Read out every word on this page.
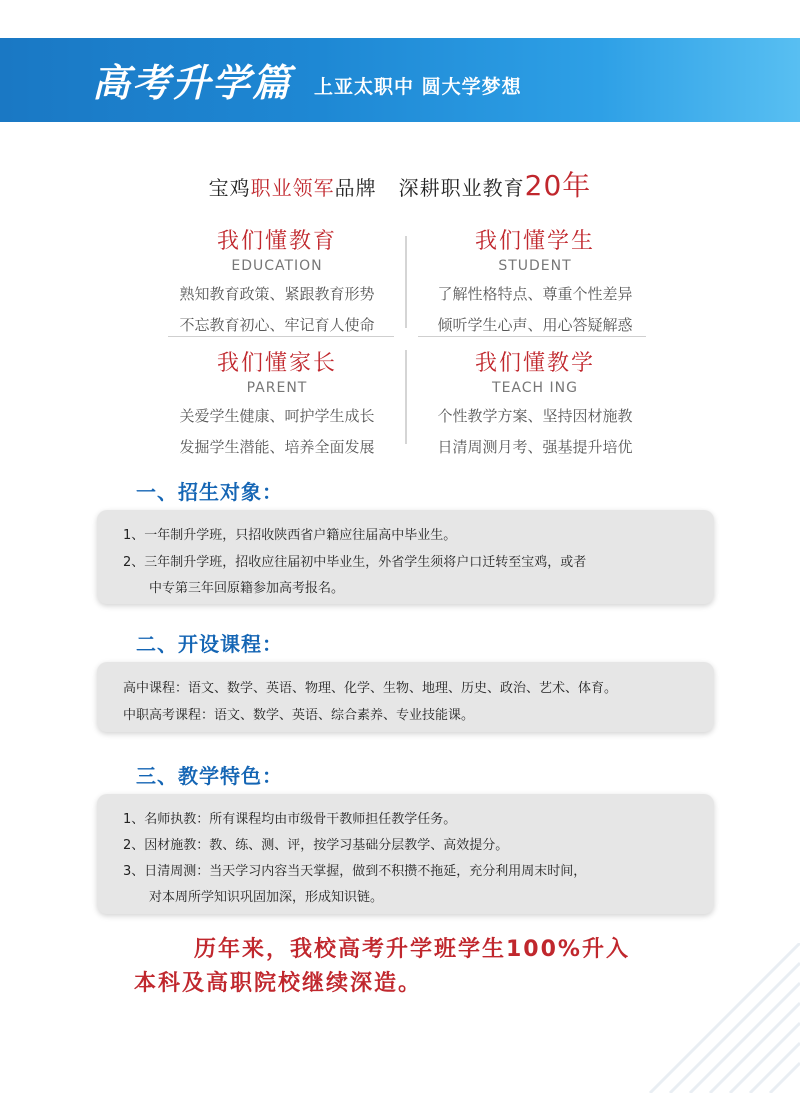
高考升学篇 上亚太职中 圆大学梦想
宝鸡职业领军品牌 深耕职业教育20年
我们懂教育
EDUCATION
熟知教育政策、紧跟教育形势
不忘教育初心、牢记育人使命
我们懂学生
STUDENT
了解性格特点、尊重个性差异
倾听学生心声、用心答疑解惑
我们懂家长
PARENT
关爱学生健康、呵护学生成长
发掘学生潜能、培养全面发展
我们懂教学
TEACH ING
个性教学方案、坚持因材施教
日清周测月考、强基提升培优
一、招生对象：
1、一年制升学班，只招收陕西省户籍应往届高中毕业生。
2、三年制升学班，招收应往届初中毕业生，外省学生须将户口迁转至宝鸡，或者
中专第三年回原籍参加高考报名。
二、开设课程：
高中课程：语文、数学、英语、物理、化学、生物、地理、历史、政治、艺术、体育。
中职高考课程：语文、数学、英语、综合素养、专业技能课。
三、教学特色：
1、名师执教：所有课程均由市级骨干教师担任教学任务。
2、因材施教：教、练、测、评，按学习基础分层教学、高效提分。
3、日清周测：当天学习内容当天掌握，做到不积攒不拖延，充分利用周末时间，
对本周所学知识巩固加深，形成知识链。
历年来，我校高考升学班学生100%升入
本科及高职院校继续深造。
